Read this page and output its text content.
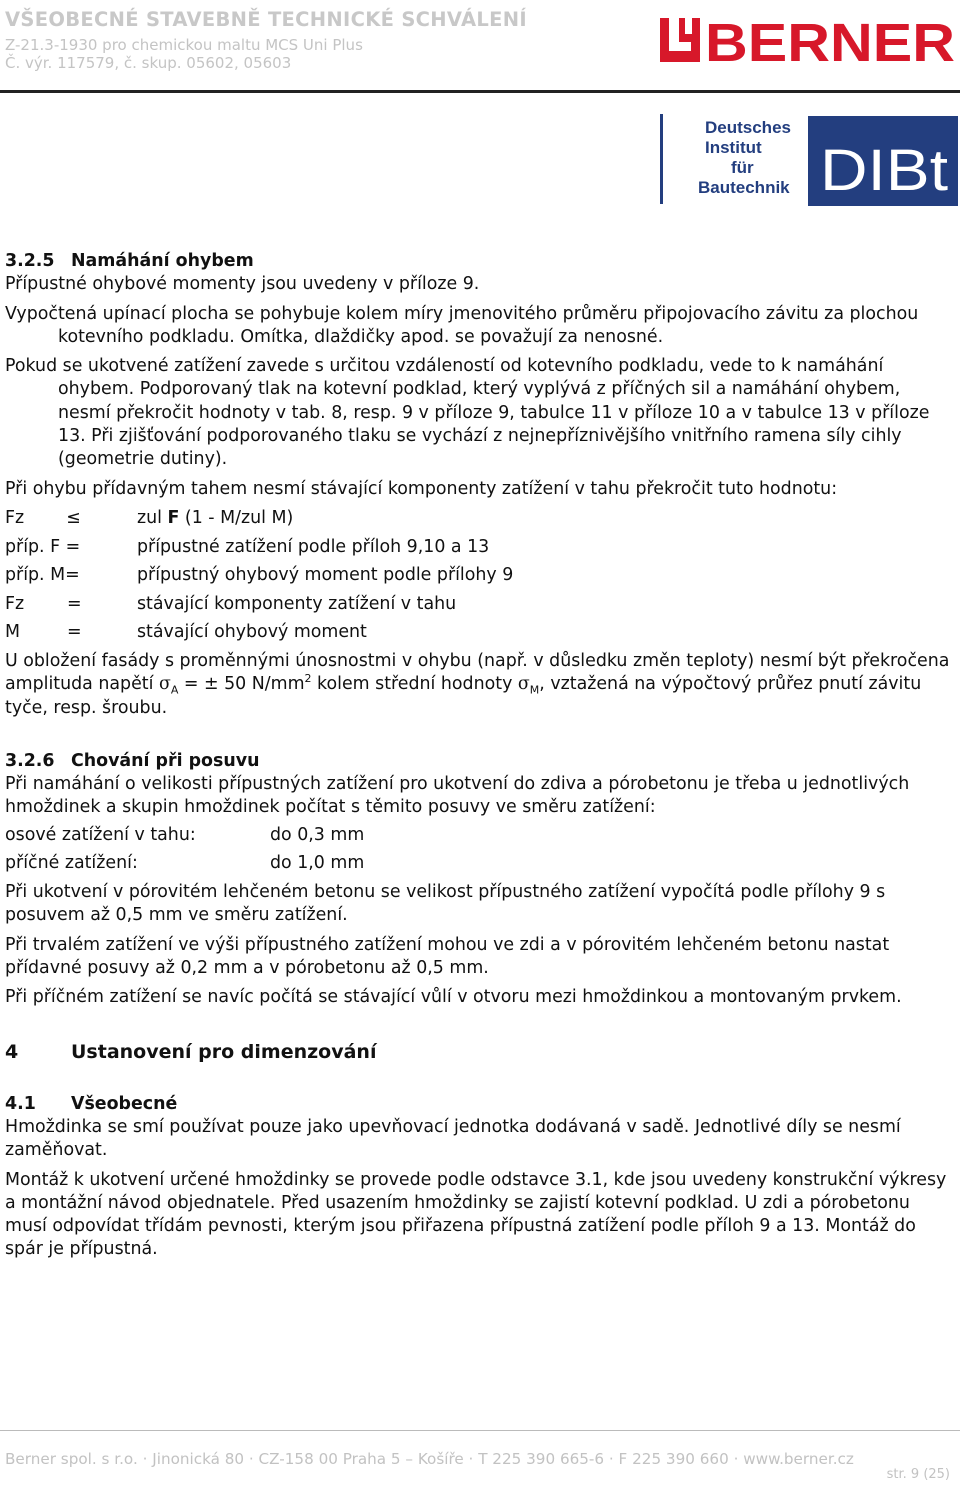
VŠEOBECNÉ STAVEBNĚ TECHNICKÉ SCHVÁLENÍ
Z-21.3-1930 pro chemickou maltu MCS Uni Plus
Č. výr. 117579, č. skup. 05602, 05603	BERNER
Deutsches
Institut
für
Bautechnik DIBt

3.2.5 Namáhání ohybem

Přípustné ohybové momenty jsou uvedeny v příloze 9.

Vypočtená upínací plocha se pohybuje kolem míry jmenovitého průměru připojovacího závitu za plochou kotevního podkladu. Omítka, dlaždičky apod. se považují za nenosné.

Pokud se ukotvené zatížení zavede s určitou vzdáleností od kotevního podkladu, vede to k namáhání ohybem. Podporovaný tlak na kotevní podklad, který vyplývá z příčných sil a namáhání ohybem, nesmí překročit hodnoty v tab. 8, resp. 9 v příloze 9, tabulce 11 v příloze 10 a v tabulce 13 v příloze 13. Při zjišťování podporovaného tlaku se vychází z nejnepříznivějšího vnitřního ramena síly cihly (geometrie dutiny).

Při ohybu přídavným tahem nesmí stávající komponenty zatížení v tahu překročit tuto hodnotu:

Fz ≤	zul F (1 - M/zul M)
příp. F =	přípustné zatížení podle příloh 9,10 a 13
příp. M=	přípustný ohybový moment podle přílohy 9
Fz	=	stávající komponenty zatížení v tahu
M	=	stávající ohybový moment

U obložení fasády s proměnnými únosnostmi v ohybu (např. v důsledku změn teploty) nesmí být překročena amplituda napětí $\sigma_A$ = ± 50 $N/mm^2$ kolem střední hodnoty $\sigma_M$, vztažená na výpočtový průřez pnutí závitu tyče, resp. šroubu.

3.2.6 Chování při posuvu

Při namáhání o velikosti přípustných zatížení pro ukotvení do zdiva a pórobetonu je třeba u jednotlivých hmoždinek a skupin hmoždinek počítat s těmito posuvy ve směru zatížení:

osové zatížení v tahu:	do 0,3 mm
příčné zatížení:	do 1,0 mm

Při ukotvení v pórovitém lehčeném betonu se velikost přípustného zatížení vypočítá podle přílohy 9 s posuvem až 0,5 mm ve směru zatížení.

Při trvalém zatížení ve výši přípustného zatížení mohou ve zdi a v pórovitém lehčeném betonu nastat přídavné posuvy až 0,2 mm a v pórobetonu až 0,5 mm.

Při příčném zatížení se navíc počítá se stávající vůlí v otvoru mezi hmoždinkou a montovaným prvkem.

4	Ustanovení pro dimenzování

4.1 Všeobecné

Hmoždinka se smí používat pouze jako upevňovací jednotka dodávaná v sadě. Jednotlivé díly se nesmí zaměňovat.

Montáž k ukotvení určené hmoždinky se provede podle odstavce 3.1, kde jsou uvedeny konstrukční výkresy a montážní návod objednatele. Před usazením hmoždinky se zajistí kotevní podklad. U zdi a pórobetonu musí odpovídat třídám pevnosti, kterým jsou přiřazena přípustná zatížení podle příloh 9 a 13. Montáž do spár je přípustná.

Berner spol. s r.o. · Jinonická 80 · CZ-158 00 Praha 5 – Košíře · T 225 390 665-6 · F 225 390 660 · www.berner.cz
str. 9 (25)
